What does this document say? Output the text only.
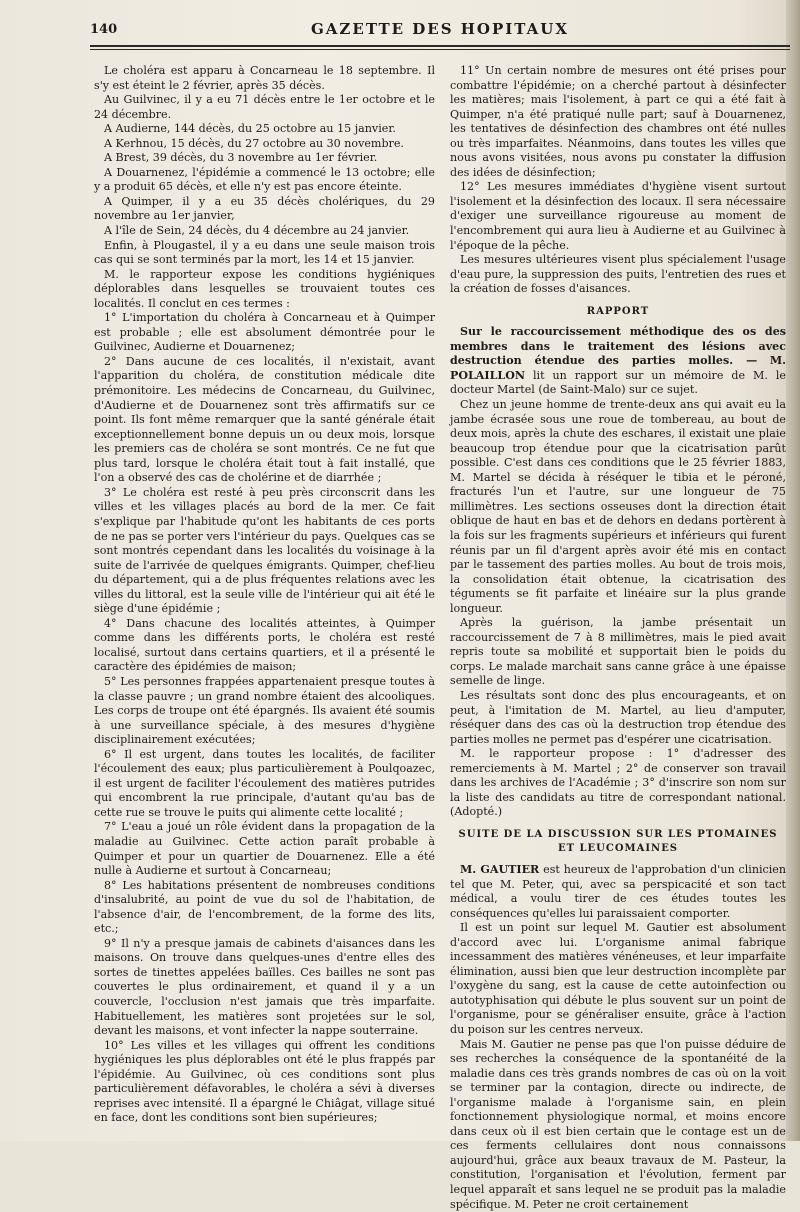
140	GAZETTE DES HOPITAUX

Le choléra est apparu à Concarneau le 18 septembre. Il s'y est éteint le 2 février, après 35 décès.

Au Guilvinec, il y a eu 71 décès entre le 1er octobre et le 24 décembre.

A Audierne, 144 décès, du 25 octobre au 15 janvier.

A Kerhnou, 15 décès, du 27 octobre au 30 novembre.

A Brest, 39 décès, du 3 novembre au 1er février.

A Douarnenez, l'épidémie a commencé le 13 octobre; elle y a produit 65 décès, et elle n'y est pas encore éteinte.

A Quimper, il y a eu 35 décès cholériques, du 29 novembre au 1er janvier,

A l'île de Sein, 24 décès, du 4 décembre au 24 janvier.

Enfin, à Plougastel, il y a eu dans une seule maison trois cas qui se sont terminés par la mort, les 14 et 15 janvier.

M. le rapporteur expose les conditions hygiéniques déplorables dans lesquelles se trouvaient toutes ces localités. Il conclut en ces termes :

1° L'importation du choléra à Concarneau et à Quimper est probable ; elle est absolument démontrée pour le Guilvinec, Audierne et Douarnenez;

2° Dans aucune de ces localités, il n'existait, avant l'apparition du choléra, de constitution médicale dite prémonitoire. Les médecins de Concarneau, du Guilvinec, d'Audierne et de Douarnenez sont très affirmatifs sur ce point. Ils font même remarquer que la santé générale était exceptionnellement bonne depuis un ou deux mois, lorsque les premiers cas de choléra se sont montrés. Ce ne fut que plus tard, lorsque le choléra était tout à fait installé, que l'on a observé des cas de cholérine et de diarrhée ;

3° Le choléra est resté à peu près circonscrit dans les villes et les villages placés au bord de la mer. Ce fait s'explique par l'habitude qu'ont les habitants de ces ports de ne pas se porter vers l'intérieur du pays. Quelques cas se sont montrés cependant dans les localités du voisinage à la suite de l'arrivée de quelques émigrants. Quimper, chef-lieu du département, qui a de plus fréquentes relations avec les villes du littoral, est la seule ville de l'intérieur qui ait été le siège d'une épidémie ;

4° Dans chacune des localités atteintes, à Quimper comme dans les différents ports, le choléra est resté localisé, surtout dans certains quartiers, et il a présenté le caractère des épidémies de maison;

5° Les personnes frappées appartenaient presque toutes à la classe pauvre ; un grand nombre étaient des alcooliques. Les corps de troupe ont été épargnés. Ils avaient été soumis à une surveillance spéciale, à des mesures d'hygiène disciplinairement exécutées;

6° Il est urgent, dans toutes les localités, de faciliter l'écoulement des eaux; plus particulièrement à Poulqoazec, il est urgent de faciliter l'écoulement des matières putrides qui encombrent la rue principale, d'autant qu'au bas de cette rue se trouve le puits qui alimente cette localité ;

7° L'eau a joué un rôle évident dans la propagation de la maladie au Guilvinec. Cette action paraît probable à Quimper et pour un quartier de Douarnenez. Elle a été nulle à Audierne et surtout à Concarneau;

8° Les habitations présentent de nombreuses conditions d'insalubrité, au point de vue du sol de l'habitation, de l'absence d'air, de l'encombrement, de la forme des lits, etc.;

9° Il n'y a presque jamais de cabinets d'aisances dans les maisons. On trouve dans quelques-unes d'entre elles des sortes de tinettes appelées baïlles. Ces bailles ne sont pas couvertes le plus ordinairement, et quand il y a un couvercle, l'occlusion n'est jamais que très imparfaite. Habituellement, les matières sont projetées sur le sol, devant les maisons, et vont infecter la nappe souterraine.

10° Les villes et les villages qui offrent les conditions hygiéniques les plus déplorables ont été le plus frappés par l'épidémie. Au Guilvinec, où ces conditions sont plus particulièrement défavorables, le choléra a sévi à diverses reprises avec intensité. Il a épargné le Chiâgat, village situé en face, dont les conditions sont bien supérieures;

11° Un certain nombre de mesures ont été prises pour combattre l'épidémie; on a cherché partout à désinfecter les matières; mais l'isolement, à part ce qui a été fait à Quimper, n'a été pratiqué nulle part; sauf à Douarnenez, les tentatives de désinfection des chambres ont été nulles ou très imparfaites. Néanmoins, dans toutes les villes que nous avons visitées, nous avons pu constater la diffusion des idées de désinfection;

12° Les mesures immédiates d'hygiène visent surtout l'isolement et la désinfection des locaux. Il sera nécessaire d'exiger une surveillance rigoureuse au moment de l'encombrement qui aura lieu à Audierne et au Guilvinec à l'époque de la pêche.

Les mesures ultérieures visent plus spécialement l'usage d'eau pure, la suppression des puits, l'entretien des rues et la création de fosses d'aisances.

RAPPORT

Sur le raccourcissement méthodique des os des membres dans le traitement des lésions avec destruction étendue des parties molles. — M. POLAILLON lit un rapport sur un mémoire de M. le docteur Martel (de Saint-Malo) sur ce sujet.

Chez un jeune homme de trente-deux ans qui avait eu la jambe écrasée sous une roue de tombereau, au bout de deux mois, après la chute des eschares, il existait une plaie beaucoup trop étendue pour que la cicatrisation parût possible. C'est dans ces conditions que le 25 février 1883, M. Martel se décida à réséquer le tibia et le péroné, fracturés l'un et l'autre, sur une longueur de 75 millimètres. Les sections osseuses dont la direction était oblique de haut en bas et de dehors en dedans portèrent à la fois sur les fragments supérieurs et inférieurs qui furent réunis par un fil d'argent après avoir été mis en contact par le tassement des parties molles. Au bout de trois mois, la consolidation était obtenue, la cicatrisation des téguments se fit parfaite et linéaire sur la plus grande longueur.

Après la guérison, la jambe présentait un raccourcissement de 7 à 8 millimètres, mais le pied avait repris toute sa mobilité et supportait bien le poids du corps. Le malade marchait sans canne grâce à une épaisse semelle de linge.

Les résultats sont donc des plus encourageants, et on peut, à l'imitation de M. Martel, au lieu d'amputer, réséquer dans des cas où la destruction trop étendue des parties molles ne permet pas d'espérer une cicatrisation.

M. le rapporteur propose : 1° d'adresser des remerciements à M. Martel ; 2° de conserver son travail dans les archives de l'Académie ; 3° d'inscrire son nom sur la liste des candidats au titre de correspondant national. (Adopté.)

SUITE DE LA DISCUSSION SUR LES PTOMAINES
ET LEUCOMAINES

M. GAUTIER est heureux de l'approbation d'un clinicien tel que M. Peter, qui, avec sa perspicacité et son tact médical, a voulu tirer de ces études toutes les conséquences qu'elles lui paraissaient comporter.

Il est un point sur lequel M. Gautier est absolument d'accord avec lui. L'organisme animal fabrique incessamment des matières vénéneuses, et leur imparfaite élimination, aussi bien que leur destruction incomplète par l'oxygène du sang, est la cause de cette autoinfection ou autotyphisation qui débute le plus souvent sur un point de l'organisme, pour se généraliser ensuite, grâce à l'action du poison sur les centres nerveux.

Mais M. Gautier ne pense pas que l'on puisse déduire de ses recherches la conséquence de la spontanéité de la maladie dans ces très grands nombres de cas où on la voit se terminer par la contagion, directe ou indirecte, de l'organisme malade à l'organisme sain, en plein fonctionnement physiologique normal, et moins encore dans ceux où il est bien certain que le contage est un de ces ferments cellulaires dont nous connaissons aujourd'hui, grâce aux beaux travaux de M. Pasteur, la constitution, l'organisation et l'évolution, ferment par lequel apparaît et sans lequel ne se produit pas la maladie spécifique. M. Peter ne croit certainement
